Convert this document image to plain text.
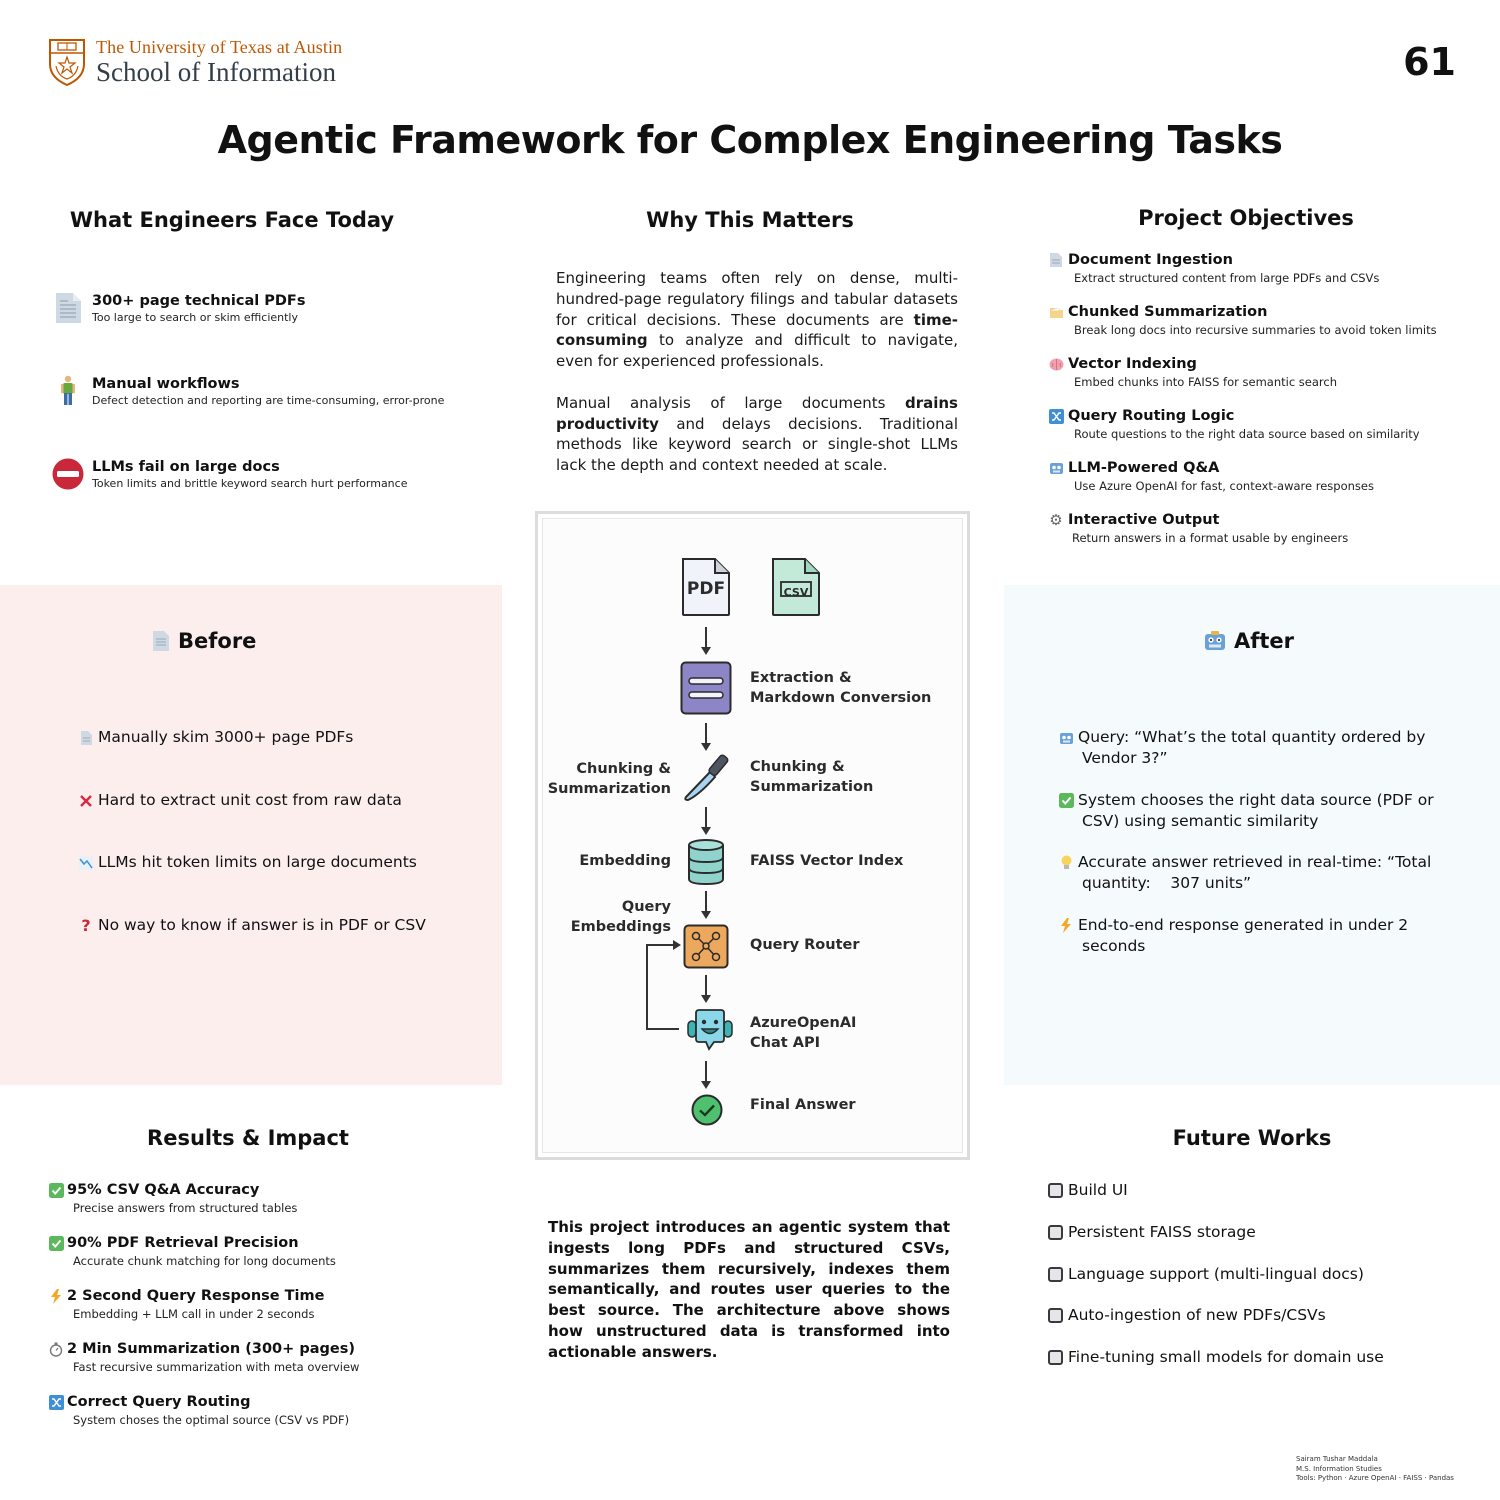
The University of Texas at Austin
School of Information	61
Agentic Framework for Complex Engineering Tasks
What Engineers Face Today
300+ page technical PDFs
Too large to search or skim efficiently
Manual workflows
Defect detection and reporting are time-consuming, error-prone
LLMs fail on large docs
Token limits and brittle keyword search hurt performance
Why This Matters

Engineering teams often rely on dense, multi-hundred-page regulatory filings and tabular datasets for critical decisions. These documents are time-consuming to analyze and difficult to navigate, even for experienced professionals.

Manual analysis of large documents drains productivity and delays decisions. Traditional methods like keyword search or single-shot LLMs lack the depth and context needed at scale.

Project Objectives
Document Ingestion
Extract structured content from large PDFs and CSVs
Chunked Summarization
Break long docs into recursive summaries to avoid token limits
Vector Indexing
Embed chunks into FAISS for semantic search
Query Routing Logic
Route questions to the right data source based on similarity
LLM-Powered Q&A
Use Azure OpenAI for fast, context-aware responses
⚙ Interactive Output
Return answers in a format usable by engineers
Before
Manually skim 3000+ page PDFs
Hard to extract unit cost from raw data
LLMs hit token limits on large documents
? No way to know if answer is in PDF or CSV
After
Query: “What’s the total quantity ordered by
Vendor 3?”
System chooses the right data source (PDF or
CSV) using semantic similarity
Accurate answer retrieved in real-time: “Total
quantity:    307 units”
End-to-end response generated in under 2
seconds
PDF	CSV
Extraction &
Markdown Conversion
Chunking &
Summarization
Chunking &
Summarization
Embedding	FAISS Vector Index
Query
Embeddings
Query Router
AzureOpenAI
Chat API
Final Answer
This project introduces an agentic system that ingests long PDFs and structured CSVs, summarizes them recursively, indexes them semantically, and routes user queries to the best source. The architecture above shows how unstructured data is transformed into actionable answers.
Results & Impact
95% CSV Q&A Accuracy
Precise answers from structured tables
90% PDF Retrieval Precision
Accurate chunk matching for long documents
2 Second Query Response Time
Embedding + LLM call in under 2 seconds
2 Min Summarization (300+ pages)
Fast recursive summarization with meta overview
Correct Query Routing
System choses the optimal source (CSV vs PDF)
Future Works
Build UI
Persistent FAISS storage
Language support (multi-lingual docs)
Auto-ingestion of new PDFs/CSVs
Fine-tuning small models for domain use
Sairam Tushar Maddala
M.S. Information Studies
Tools: Python · Azure OpenAI · FAISS · Pandas
